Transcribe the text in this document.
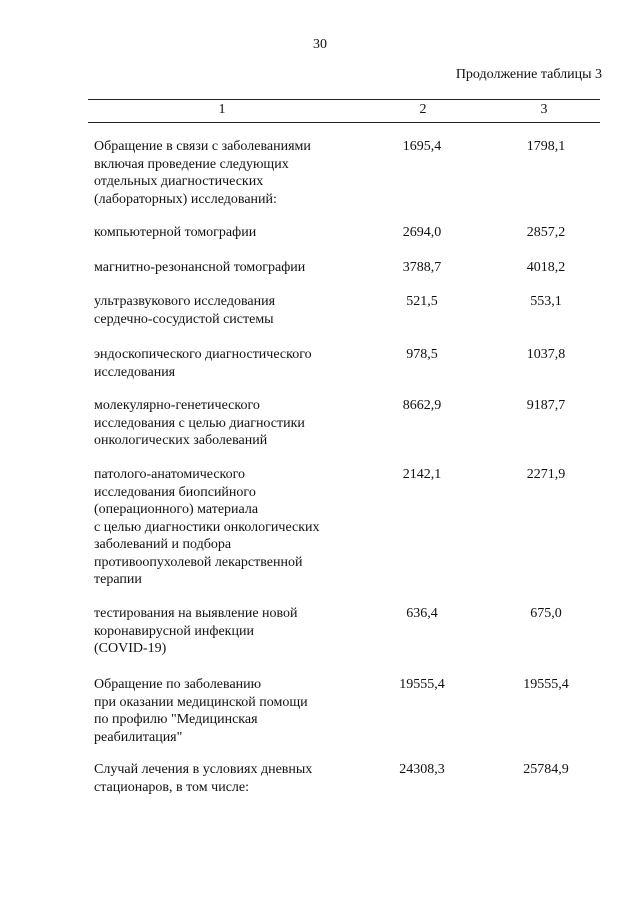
30
Продолжение таблицы 3
1	2	3
Обращение в связи с заболеваниями
включая проведение следующих
отдельных диагностических
(лабораторных) исследований:
1695,4	1798,1
компьютерной томографии	2694,0	2857,2
магнитно-резонансной томографии	3788,7	4018,2
ультразвукового исследования
сердечно-сосудистой системы
521,5	553,1
эндоскопического диагностического
исследования
978,5	1037,8
молекулярно-генетического
исследования с целью диагностики
онкологических заболеваний
8662,9	9187,7
патолого-анатомического
исследования биопсийного
(операционного) материала
с целью диагностики онкологических
заболеваний и подбора
противоопухолевой лекарственной
терапии
2142,1	2271,9
тестирования на выявление новой
коронавирусной инфекции
(COVID-19)
636,4	675,0
Обращение по заболеванию
при оказании медицинской помощи
по профилю "Медицинская
реабилитация"
19555,4	19555,4
Случай лечения в условиях дневных
стационаров, в том числе:
24308,3	25784,9
